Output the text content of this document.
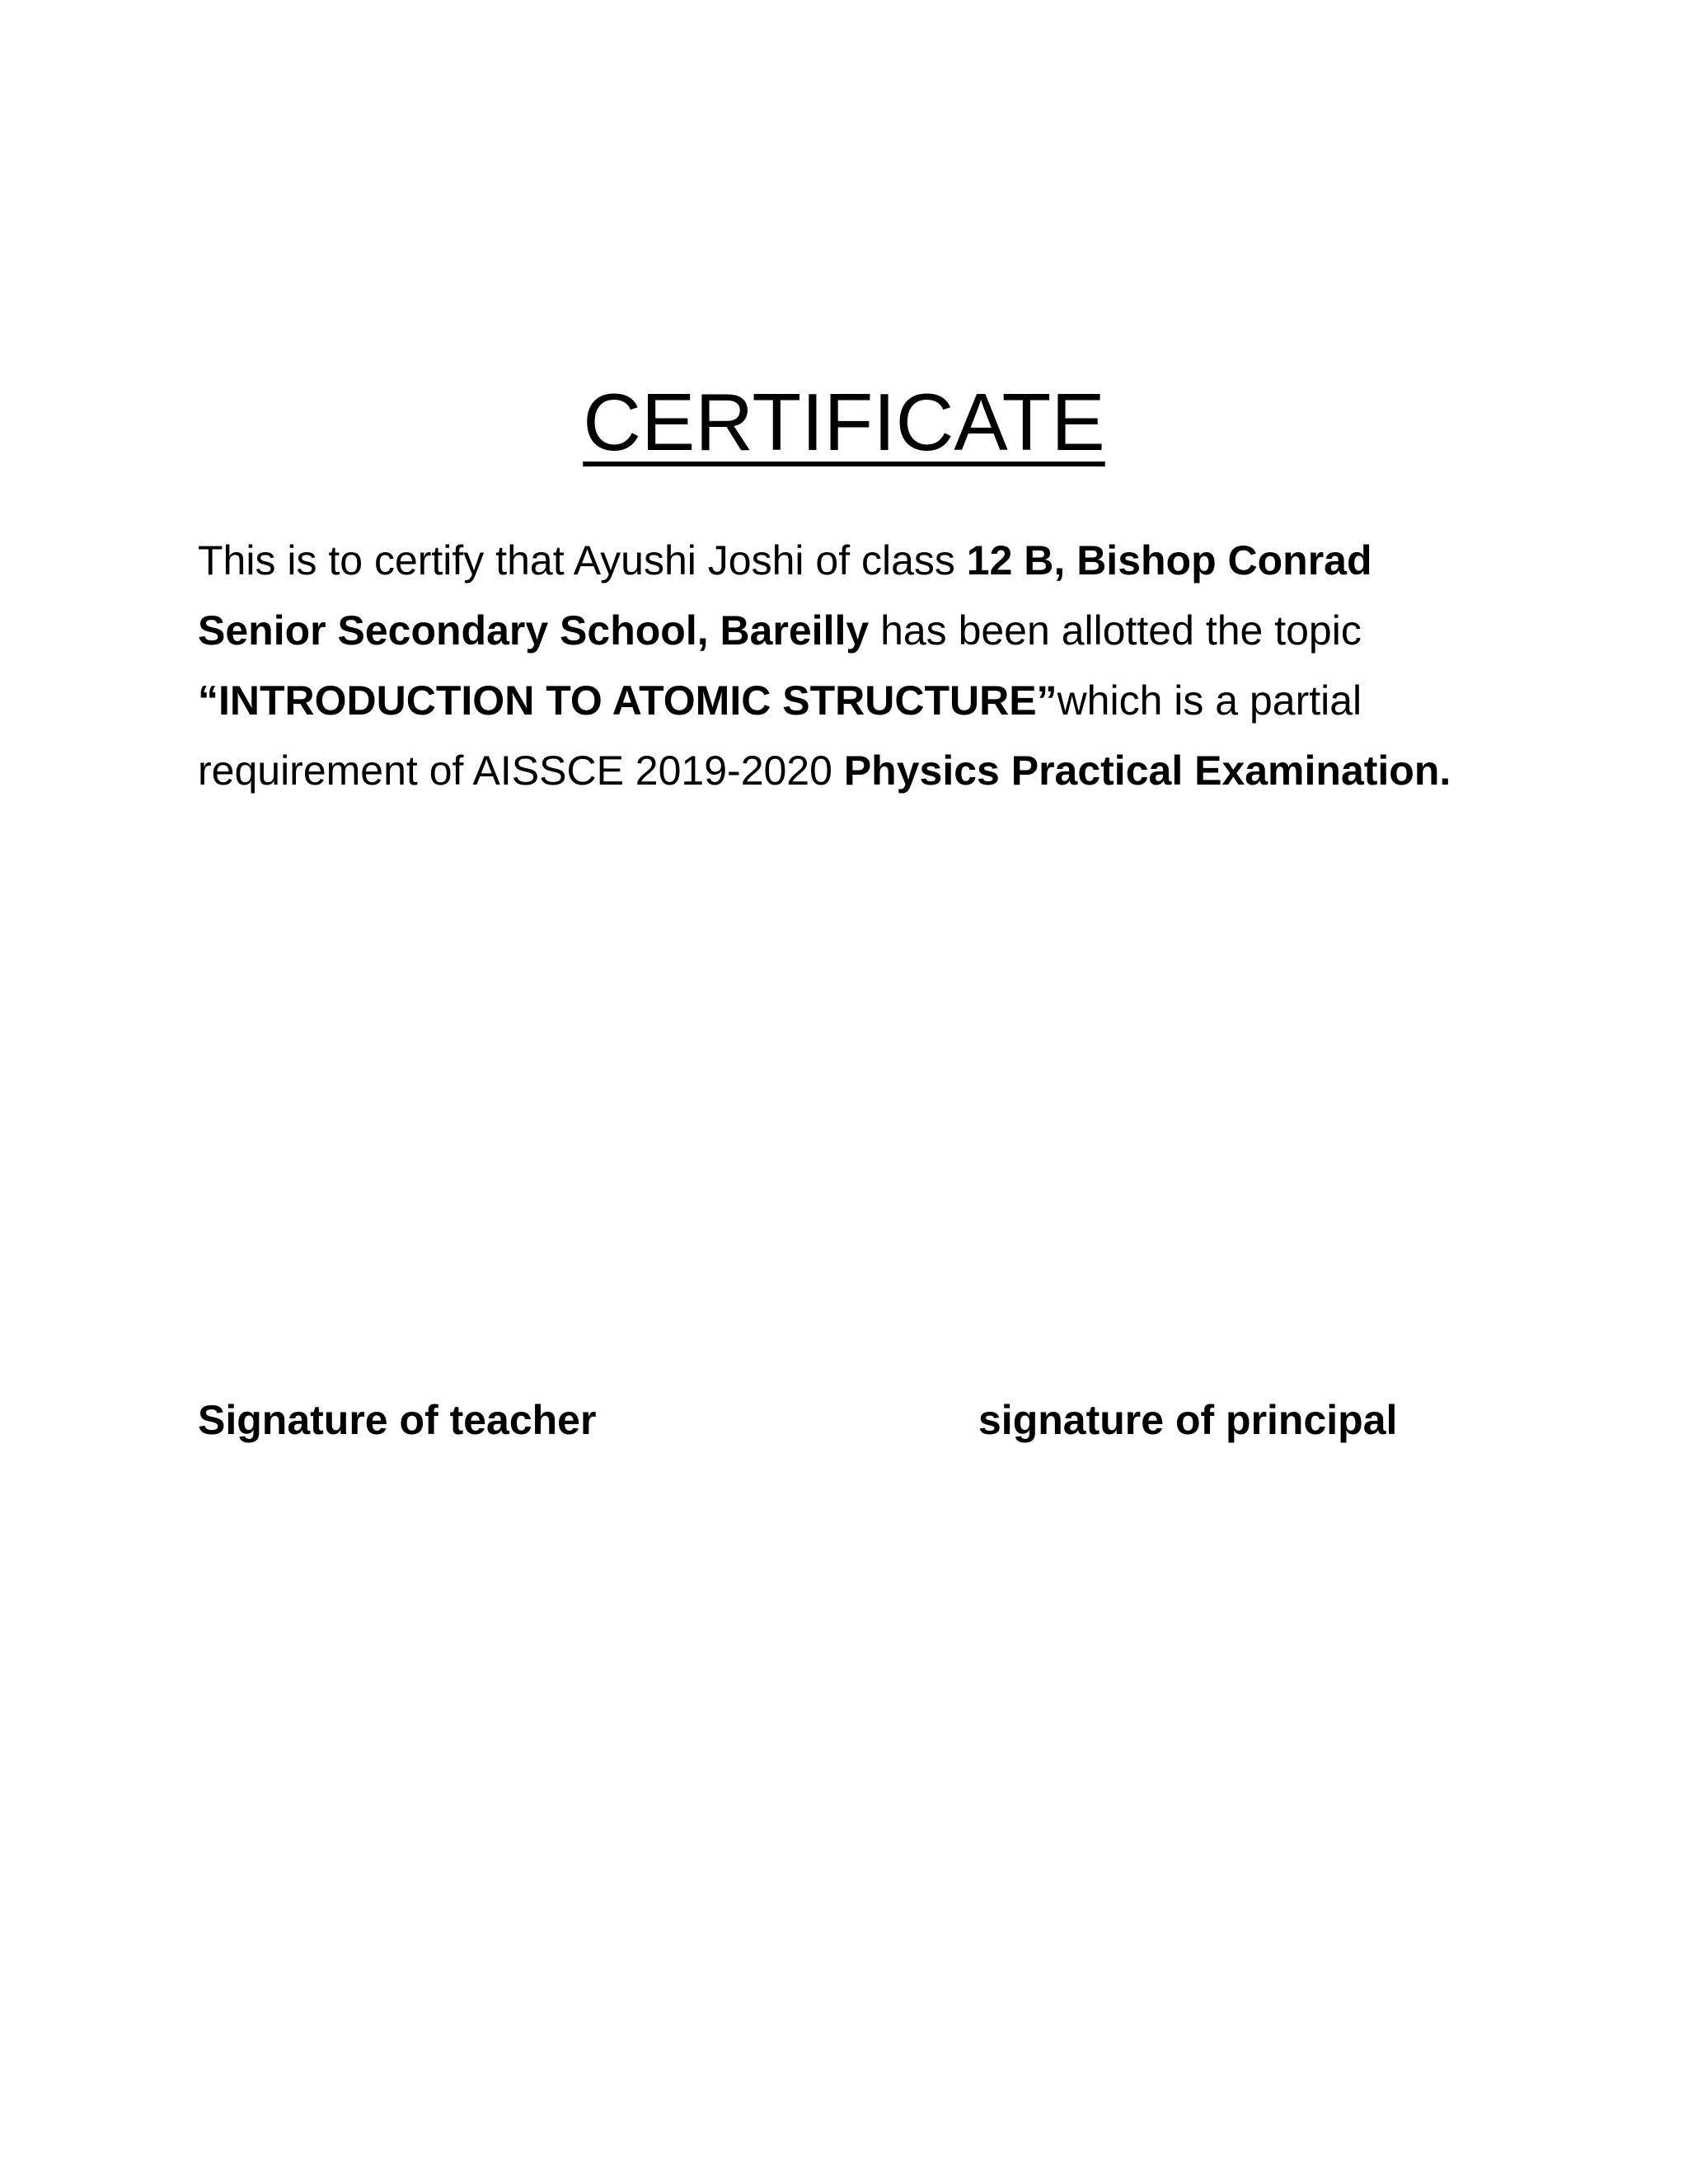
CERTIFICATE
This is to certify that Ayushi Joshi of class 12 B, Bishop Conrad Senior Secondary School, Bareilly has been allotted the topic
“INTRODUCTION TO ATOMIC STRUCTURE”which is a partial requirement of AISSCE 2019-2020 Physics Practical Examination.
Signature of teacher	signature of principal
